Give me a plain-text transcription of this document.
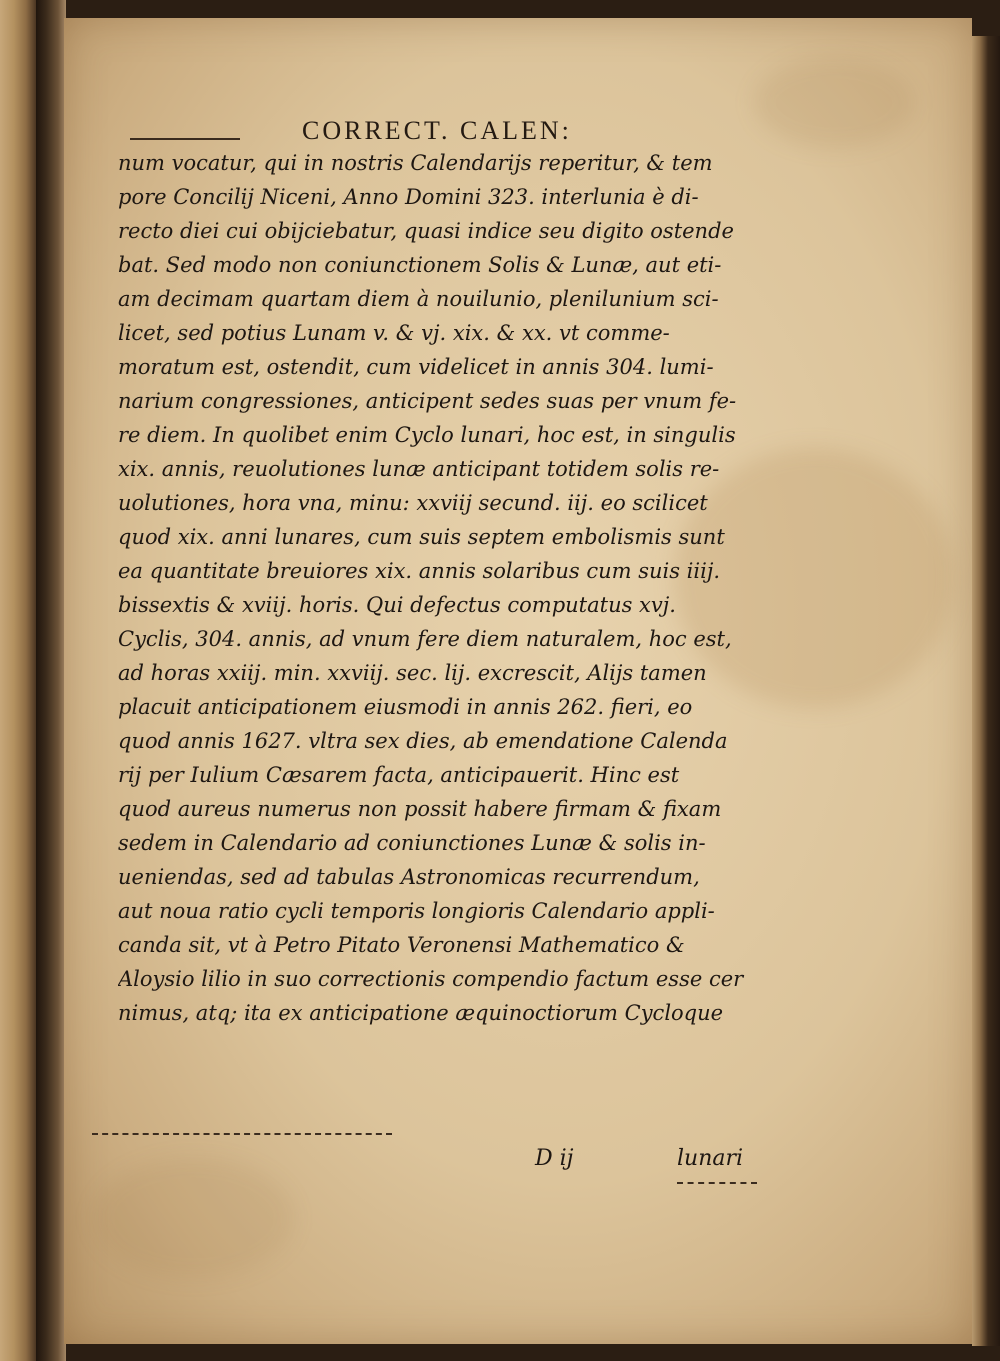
CORRECT. CALEN:
num vocatur, qui in nostris Calendarijs reperitur, & tem
pore Concilij Niceni, Anno Domini 323. interlunia è di-
recto diei cui obijciebatur, quasi indice seu digito ostende
bat. Sed modo non coniunctionem Solis & Lunæ, aut eti-
am decimam quartam diem à nouilunio, plenilunium sci-
licet, sed potius Lunam v. & vj. xix. & xx. vt comme-
moratum est, ostendit, cum videlicet in annis 304. lumi-
narium congressiones, anticipent sedes suas per vnum fe-
re diem. In quolibet enim Cyclo lunari, hoc est, in singulis
xix. annis, reuolutiones lunæ anticipant totidem solis re-
uolutiones, hora vna, minu: xxviij secund. iij. eo scilicet
quod xix. anni lunares, cum suis septem embolismis sunt
ea quantitate breuiores xix. annis solaribus cum suis iiij.
bissextis & xviij. horis. Qui defectus computatus xvj.
Cyclis, 304. annis, ad vnum fere diem naturalem, hoc est,
ad horas xxiij. min. xxviij. sec. lij. excrescit, Alijs tamen
placuit anticipationem eiusmodi in annis 262. fieri, eo
quod annis 1627. vltra sex dies, ab emendatione Calenda
rij per Iulium Cæsarem facta, anticipauerit. Hinc est
quod aureus numerus non possit habere firmam & fixam
sedem in Calendario ad coniunctiones Lunæ & solis in-
ueniendas, sed ad tabulas Astronomicas recurrendum,
aut noua ratio cycli temporis longioris Calendario appli-
canda sit, vt à Petro Pitato Veronensi Mathematico &
Aloysio lilio in suo correctionis compendio factum esse cer
nimus, atq; ita ex anticipatione æquinoctiorum Cycloque
D ij	lunari
